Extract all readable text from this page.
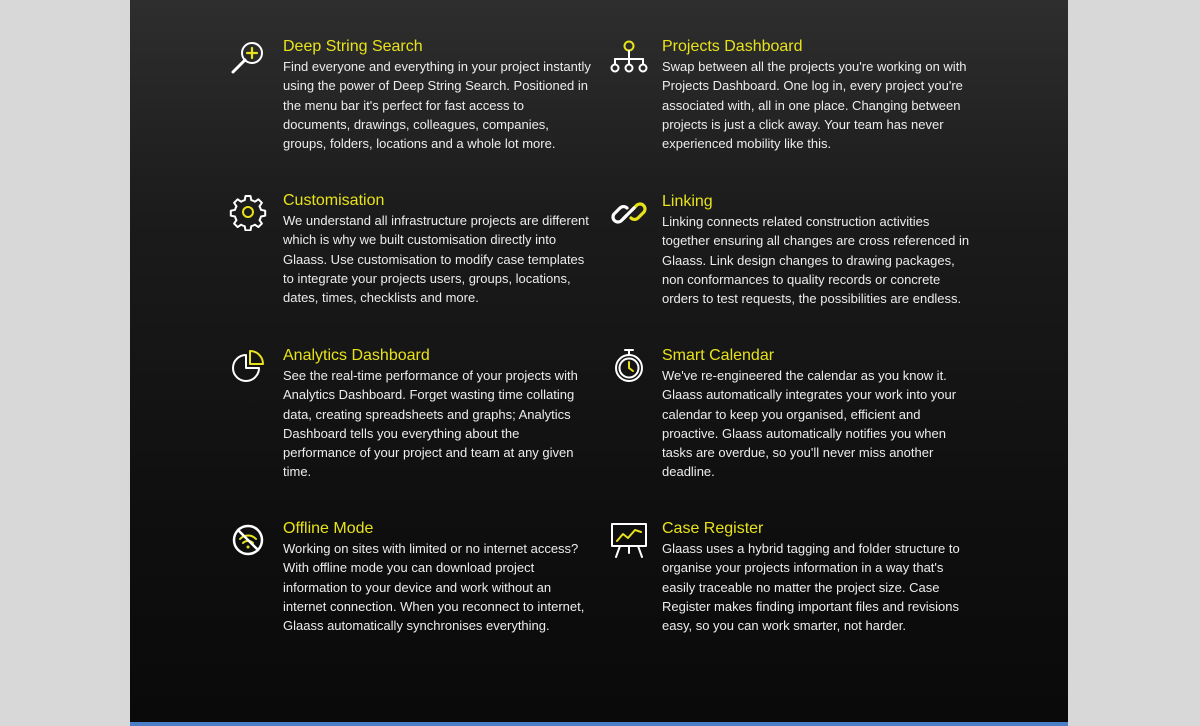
Deep String Search

Find everyone and everything in your project instantly using the power of Deep String Search. Positioned in the menu bar it's perfect for fast access to documents, drawings, colleagues, companies, groups, folders, locations and a whole lot more.

Projects Dashboard

Swap between all the projects you're working on with Projects Dashboard. One log in, every project you're associated with, all in one place. Changing between projects is just a click away. Your team has never experienced mobility like this.

Customisation

We understand all infrastructure projects are different which is why we built customisation directly into Glaass. Use customisation to modify case templates to integrate your projects users, groups, locations, dates, times, checklists and more.

Linking

Linking connects related construction activities together ensuring all changes are cross referenced in Glaass. Link design changes to drawing packages, non conformances to quality records or concrete orders to test requests, the possibilities are endless.

Analytics Dashboard

See the real-time performance of your projects with Analytics Dashboard. Forget wasting time collating data, creating spreadsheets and graphs; Analytics Dashboard tells you everything about the performance of your project and team at any given time.

Smart Calendar

We've re-engineered the calendar as you know it. Glaass automatically integrates your work into your calendar to keep you organised, efficient and proactive. Glaass automatically notifies you when tasks are overdue, so you'll never miss another deadline.

Offline Mode

Working on sites with limited or no internet access? With offline mode you can download project information to your device and work without an internet connection. When you reconnect to internet, Glaass automatically synchronises everything.

Case Register

Glaass uses a hybrid tagging and folder structure to organise your projects information in a way that's easily traceable no matter the project size. Case Register makes finding important files and revisions easy, so you can work smarter, not harder.
